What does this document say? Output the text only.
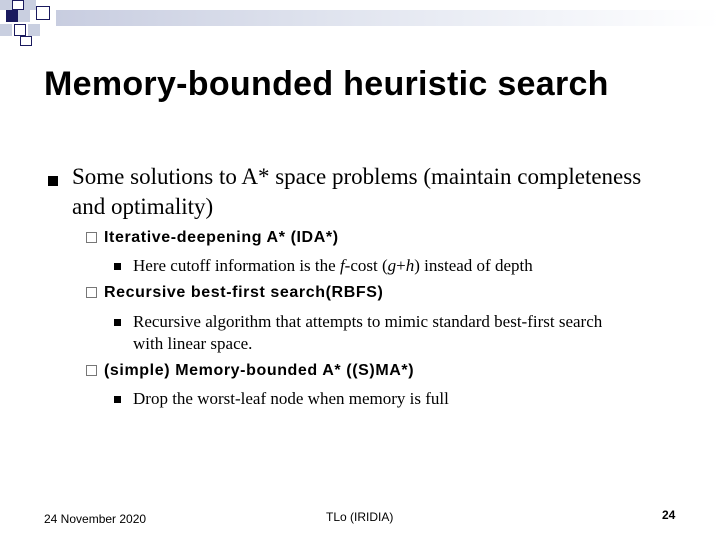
Memory-bounded heuristic search
Some solutions to A* space problems (maintain completeness and optimality)
Iterative-deepening A* (IDA*)
Here cutoff information is the f-cost (g+h) instead of depth
Recursive best-first search(RBFS)
Recursive algorithm that attempts to mimic standard best-first search with linear space.
(simple) Memory-bounded A* ((S)MA*)
Drop the worst-leaf node when memory is full
24 November 2020	TLo (IRIDIA)	24
